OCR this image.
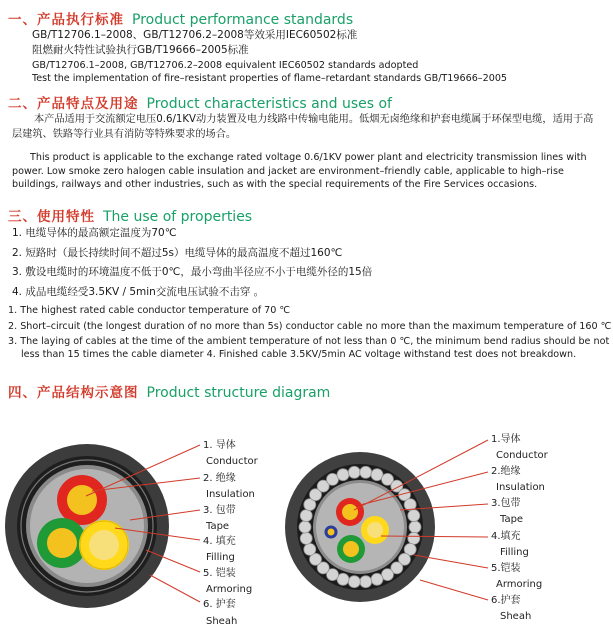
一、产品执行标准 Product performance standards
GB/T12706.1–2008、GB/T12706.2–2008等效采用IEC60502标准
阻燃耐火特性试验执行GB/T19666–2005标准
GB/T12706.1–2008, GB/T12706.2–2008 equivalent IEC60502 standards adopted
Test the implementation of fire–resistant properties of flame–retardant standards GB/T19666–2005
二、产品特点及用途 Product characteristics and uses of
本产品适用于交流额定电压0.6/1KV动力装置及电力线路中传输电能用。低烟无卤绝缘和护套电缆属于环保型电缆，适用于高层建筑、铁路等行业具有消防等特殊要求的场合。
This product is applicable to the exchange rated voltage 0.6/1KV power plant and electricity transmission lines with power. Low smoke zero halogen cable insulation and jacket are environment–friendly cable, applicable to high–rise buildings, railways and other industries, such as with the special requirements of the Fire Services occasions.
三、使用特性 The use of properties
1. 电缆导体的最高额定温度为70℃
2. 短路时（最长持续时间不超过5s）电缆导体的最高温度不超过160℃
3. 敷设电缆时的环境温度不低于0℃，最小弯曲半径应不小于电缆外径的15倍
4. 成品电缆经受3.5KV / 5min交流电压试验不击穿 。
1. The highest rated cable conductor temperature of 70 ℃
2. Short–circuit (the longest duration of no more than 5s) conductor cable no more than the maximum temperature of 160 ℃
3. The laying of cables at the time of the ambient temperature of not less than 0 ℃, the minimum bend radius should be not less than 15 times the cable diameter 4. Finished cable 3.5KV/5min AC voltage withstand test does not breakdown.
四、产品结构示意图 Product structure diagram
1. 导体
Conductor
2. 绝缘
Insulation
3. 包带
Tape
4. 填充
Filling
5. 铠装
Armoring
6. 护套
Sheah
1.导体
Conductor
2.绝缘
Insulation
3.包带
Tape
4.填充
Filling
5.铠装
Armoring
6.护套
Sheah
